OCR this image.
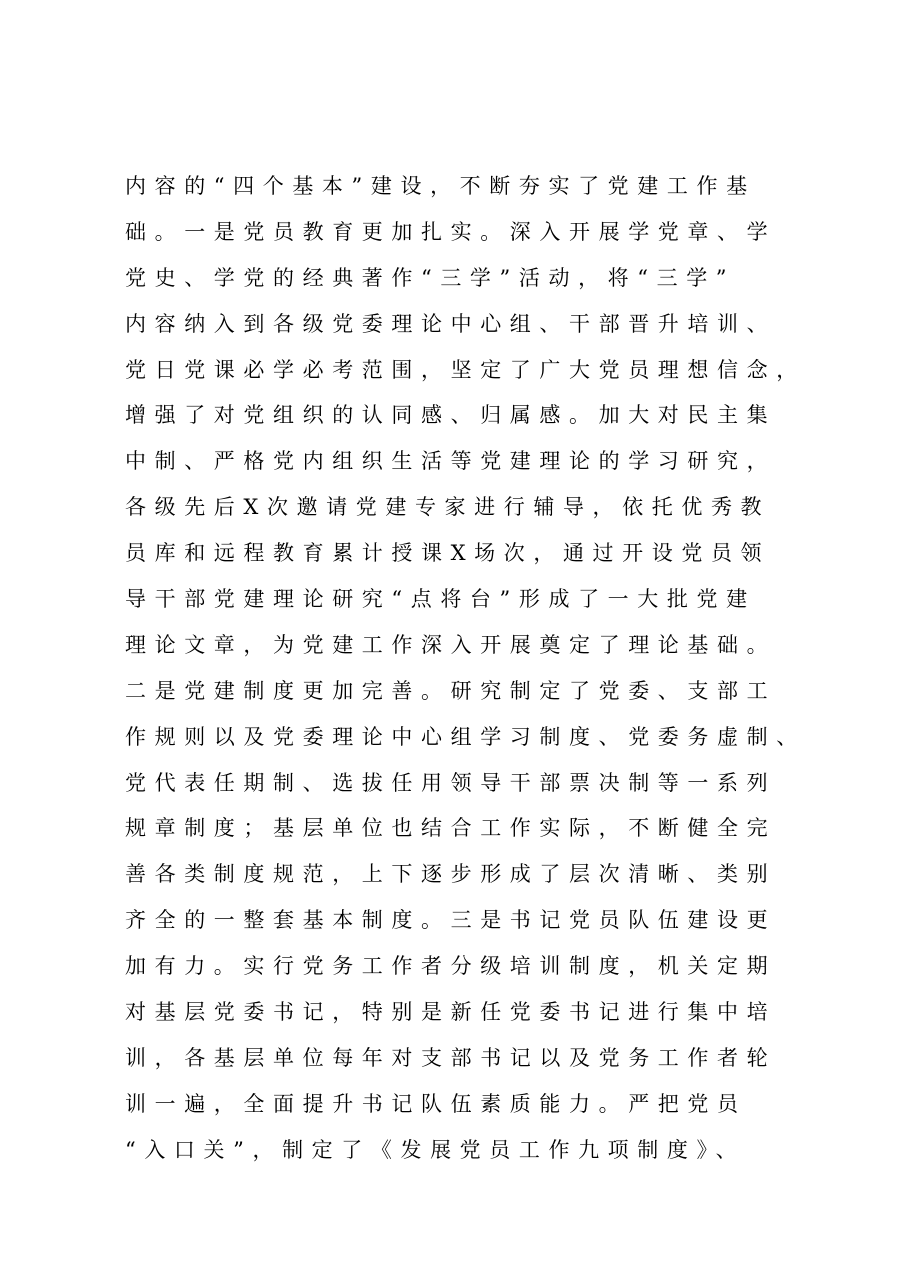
内容的“四个基本”建设，不断夯实了党建工作基

础。一是党员教育更加扎实。深入开展学党章、学

党史、学党的经典著作“三学”活动，将“三学”

内容纳入到各级党委理论中心组、干部晋升培训、

党日党课必学必考范围，坚定了广大党员理想信念，

增强了对党组织的认同感、归属感。加大对民主集

中制、严格党内组织生活等党建理论的学习研究，

各级先后X次邀请党建专家进行辅导，依托优秀教

员库和远程教育累计授课X场次，通过开设党员领

导干部党建理论研究“点将台”形成了一大批党建

理论文章，为党建工作深入开展奠定了理论基础。

二是党建制度更加完善。研究制定了党委、支部工

作规则以及党委理论中心组学习制度、党委务虚制、

党代表任期制、选拔任用领导干部票决制等一系列

规章制度；基层单位也结合工作实际，不断健全完

善各类制度规范，上下逐步形成了层次清晰、类别

齐全的一整套基本制度。三是书记党员队伍建设更

加有力。实行党务工作者分级培训制度，机关定期

对基层党委书记，特别是新任党委书记进行集中培

训，各基层单位每年对支部书记以及党务工作者轮

训一遍，全面提升书记队伍素质能力。严把党员

“入口关”，制定了《发展党员工作九项制度》、
